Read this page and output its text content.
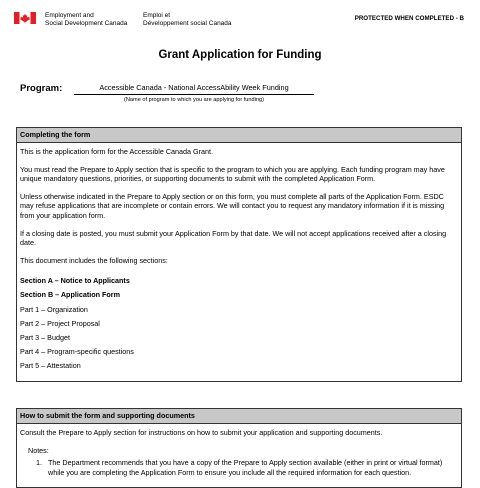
Employment and
Social Development Canada
Emploi et
Développement social Canada
PROTECTED WHEN COMPLETED - B
Grant Application for Funding
Program:	Accessible Canada - National AccessAbility Week Funding
(Name of program to which you are applying for funding)
Completing the form

This is the application form for the Accessible Canada Grant.

You must read the Prepare to Apply section that is specific to the program to which you are applying. Each funding program may have unique mandatory questions, priorities, or supporting documents to submit with the completed Application Form.

Unless otherwise indicated in the Prepare to Apply section or on this form, you must complete all parts of the Application Form. ESDC may refuse applications that are incomplete or contain errors. We will contact you to request any mandatory information if it is missing from your application form.

If a closing date is posted, you must submit your Application Form by that date. We will not accept applications received after a closing date.

This document includes the following sections:

Section A – Notice to Applicants

Section B – Application Form

Part 1 – Organization

Part 2 – Project Proposal

Part 3 – Budget

Part 4 – Program-specific questions

Part 5 – Attestation

How to submit the form and supporting documents

Consult the Prepare to Apply section for instructions on how to submit your application and supporting documents.

Notes:

1. The Department recommends that you have a copy of the Prepare to Apply section available (either in print or virtual format) while you are completing the Application Form to ensure you include all the required information for each question.
